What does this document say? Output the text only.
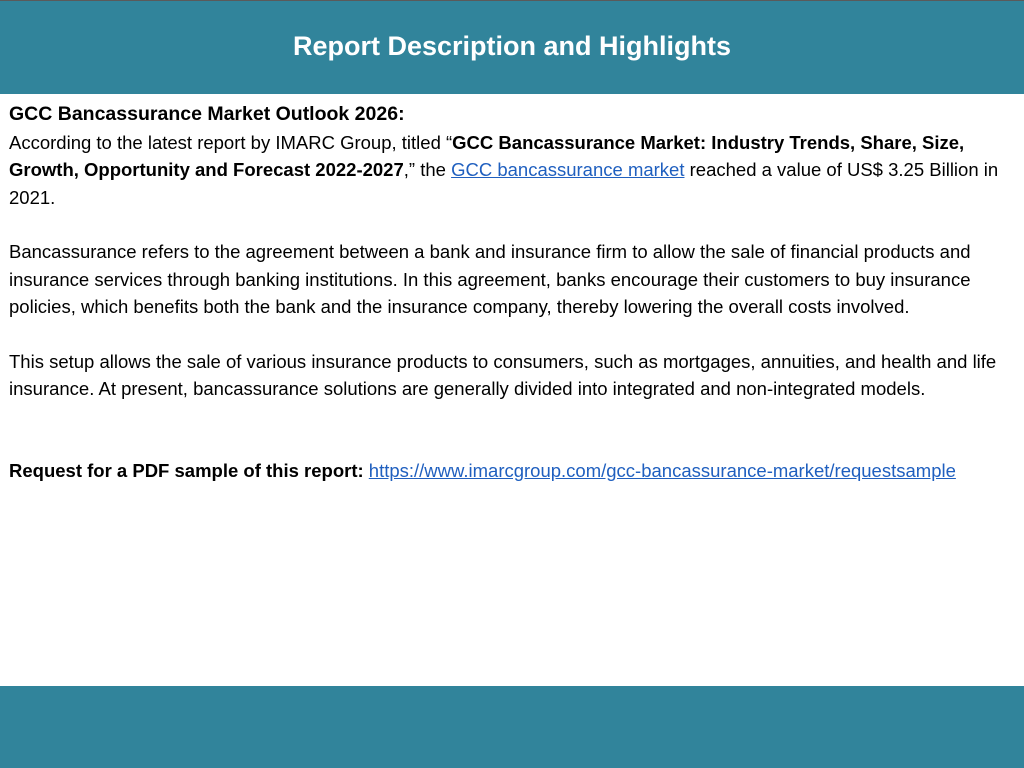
Report Description and Highlights

GCC Bancassurance Market Outlook 2026:

According to the latest report by IMARC Group, titled “GCC Bancassurance Market: Industry Trends, Share, Size, Growth, Opportunity and Forecast 2022-2027,” the GCC bancassurance market reached a value of US$ 3.25 Billion in 2021.

Bancassurance refers to the agreement between a bank and insurance firm to allow the sale of financial products and insurance services through banking institutions. In this agreement, banks encourage their customers to buy insurance policies, which benefits both the bank and the insurance company, thereby lowering the overall costs involved.

This setup allows the sale of various insurance products to consumers, such as mortgages, annuities, and health and life insurance. At present, bancassurance solutions are generally divided into integrated and non-integrated models.

Request for a PDF sample of this report: https://www.imarcgroup.com/gcc-bancassurance-market/requestsample
